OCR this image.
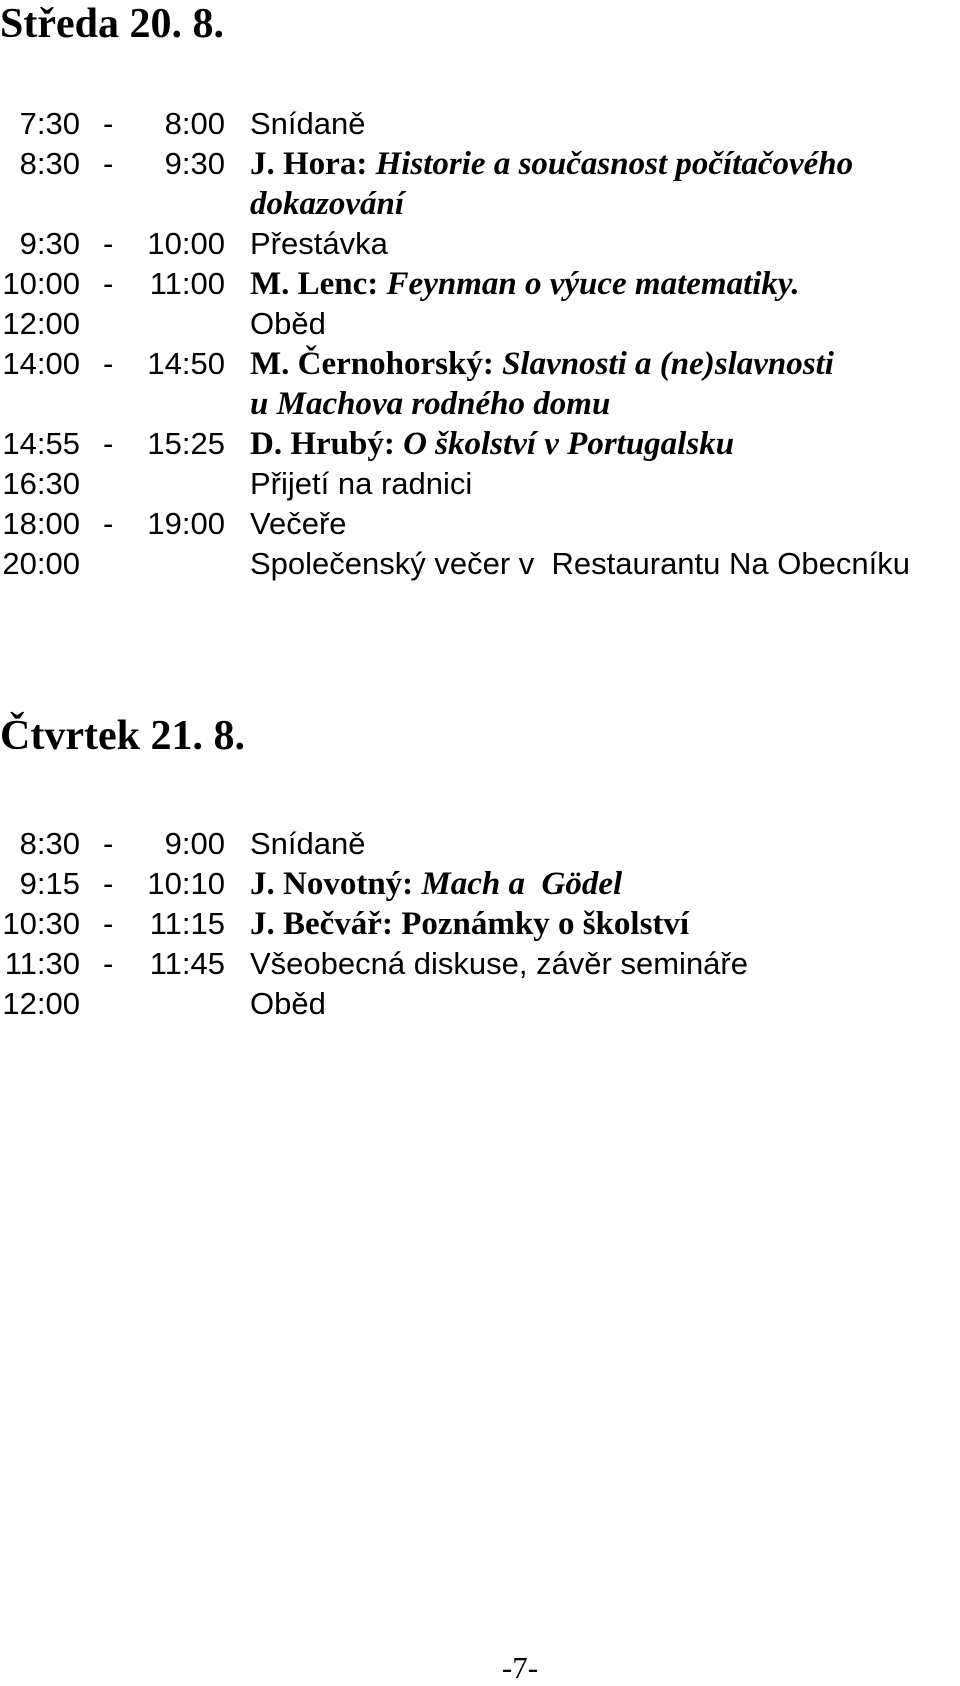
Středa 20. 8.
7:30 -	8:00 Snídaně
8:30 -	9:30 J. Hora: Historie a současnost počítačového
dokazování
9:30 -	10:00 Přestávka
10:00 -	11:00 M. Lenc: Feynman o výuce matematiky.
12:00	Oběd
14:00 -	14:50 M. Černohorský: Slavnosti a (ne)slavnosti
u Machova rodného domu
14:55 -	15:25 D. Hrubý: O školství v Portugalsku
16:30	Přijetí na radnici
18:00 -	19:00 Večeře
20:00	Společenský večer v  Restaurantu Na Obecníku
Čtvrtek 21. 8.
8:30 -	9:00 Snídaně
9:15 -	10:10 J. Novotný: Mach a  Gödel
10:30 -	11:15 J. Bečvář: Poznámky o školství
11:30 -	11:45 Všeobecná diskuse, závěr semináře
12:00	Oběd
-7-
